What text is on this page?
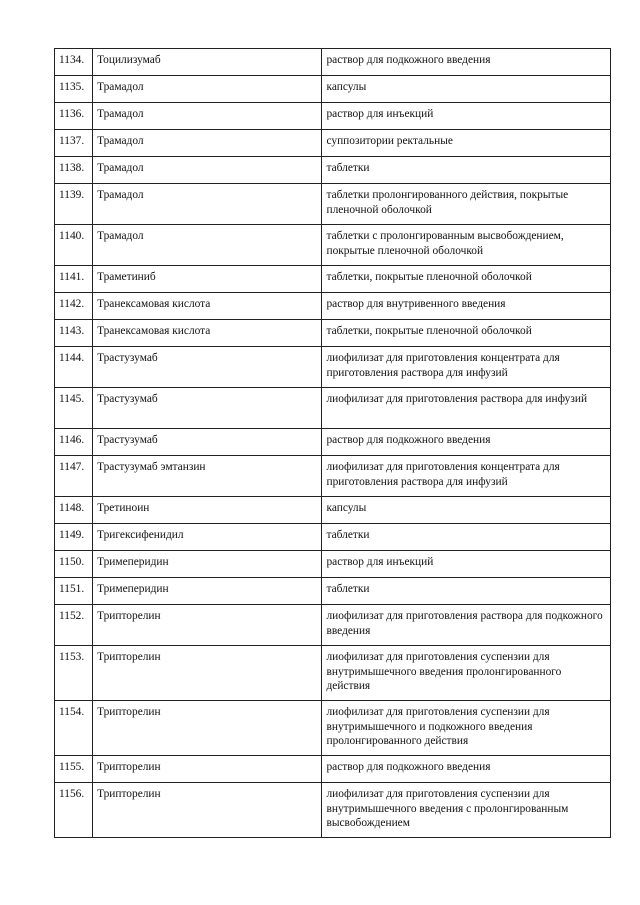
1134.	Тоцилизумаб	раствор для подкожного введения
1135.	Трамадол	капсулы
1136.	Трамадол	раствор для инъекций
1137.	Трамадол	суппозитории ректальные
1138.	Трамадол	таблетки
1139.	Трамадол	таблетки пролонгированного действия, покрытые пленочной оболочкой
1140.	Трамадол	таблетки с пролонгированным высвобождением, покрытые пленочной оболочкой
1141.	Траметиниб	таблетки, покрытые пленочной оболочкой
1142.	Транексамовая кислота	раствор для внутривенного введения
1143.	Транексамовая кислота	таблетки, покрытые пленочной оболочкой
1144.	Трастузумаб	лиофилизат для приготовления концентрата для приготовления раствора для инфузий
1145.	Трастузумаб	лиофилизат для приготовления раствора для инфузий
1146.	Трастузумаб	раствор для подкожного введения
1147.	Трастузумаб эмтанзин	лиофилизат для приготовления концентрата для приготовления раствора для инфузий
1148.	Третиноин	капсулы
1149.	Тригексифенидил	таблетки
1150.	Тримеперидин	раствор для инъекций
1151.	Тримеперидин	таблетки
1152.	Трипторелин	лиофилизат для приготовления раствора для подкожного введения
1153.	Трипторелин	лиофилизат для приготовления суспензии для внутримышечного введения пролонгированного действия
1154.	Трипторелин	лиофилизат для приготовления суспензии для внутримышечного и подкожного введения пролонгированного действия
1155.	Трипторелин	раствор для подкожного введения
1156.	Трипторелин	лиофилизат для приготовления суспензии для внутримышечного введения с пролонгированным высвобождением
